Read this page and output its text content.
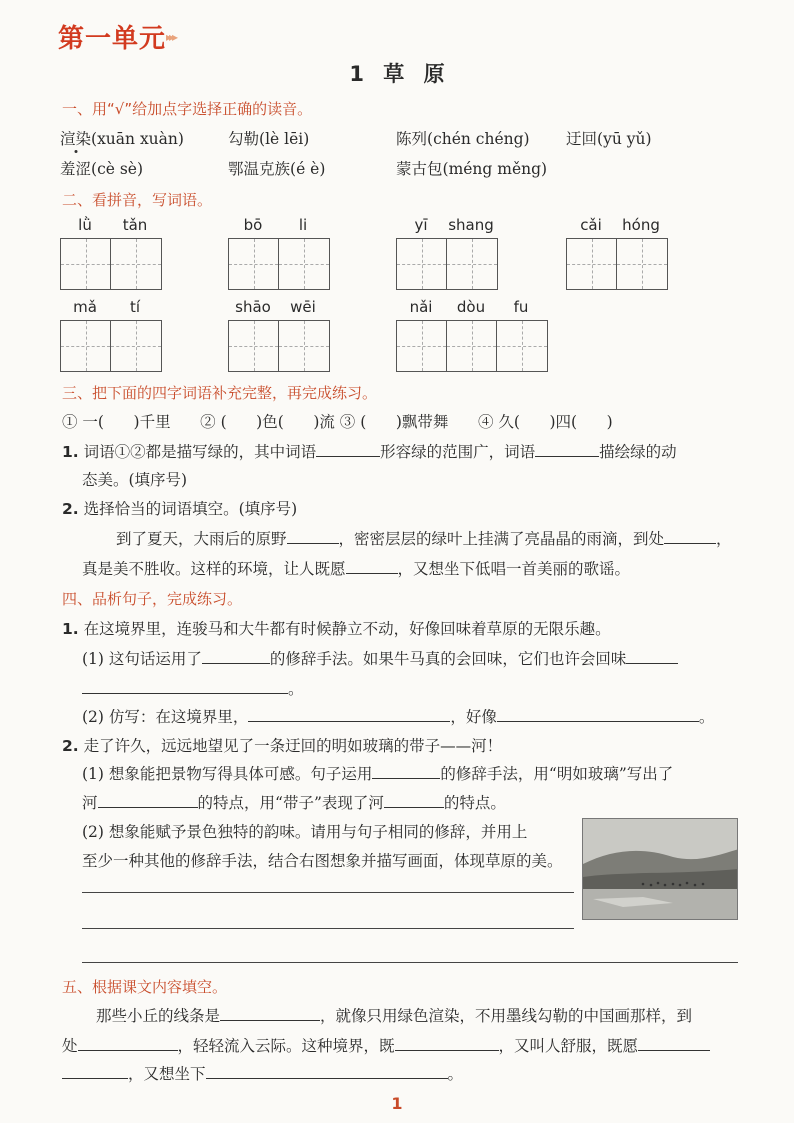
第一单元 ▸▸▸
1 草 原
一、用“√”给加点字选择正确的读音。
渲染(xuān xuàn)	勾勒(lè lēi)	陈列(chén chéng) 迂回(yū yǔ)
羞涩(cè sè)	鄂温克族(é è)	蒙古包(méng měng)
二、看拼音，写词语。
lǜ	tǎn	bō	li	yī	shang	cǎi	hóng
mǎ	tí	shāo	wēi	nǎi	dòu	fu
三、把下面的四字词语补充完整，再完成练习。
① 一(      )千里      ② (      )色(      )流 ③ (      )飘带舞      ④ 久(      )四(      )
1. 词语①②都是描写绿的，其中词语	形容绿的范围广，词语	描绘绿的动
态美。(填序号)
2. 选择恰当的词语填空。(填序号)
到了夏天，大雨后的原野	，密密层层的绿叶上挂满了亮晶晶的雨滴，到处	，
真是美不胜收。这样的环境，让人既愿	，又想坐下低唱一首美丽的歌谣。
四、品析句子，完成练习。
1. 在这境界里，连骏马和大牛都有时候静立不动，好像回味着草原的无限乐趣。
(1) 这句话运用了	的修辞手法。如果牛马真的会回味，它们也许会回味
。
(2) 仿写：在这境界里，	，好像	。
2. 走了许久，远远地望见了一条迂回的明如玻璃的带子——河！
(1) 想象能把景物写得具体可感。句子运用	的修辞手法，用“明如玻璃”写出了
河	的特点，用“带子”表现了河	的特点。
(2) 想象能赋予景色独特的韵味。请用与句子相同的修辞，并用上
至少一种其他的修辞手法，结合右图想象并描写画面，体现草原的美。
五、根据课文内容填空。
那些小丘的线条是	，就像只用绿色渲染，不用墨线勾勒的中国画那样，到
处	，轻轻流入云际。这种境界，既	，又叫人舒服，既愿
，又想坐下	。
1
